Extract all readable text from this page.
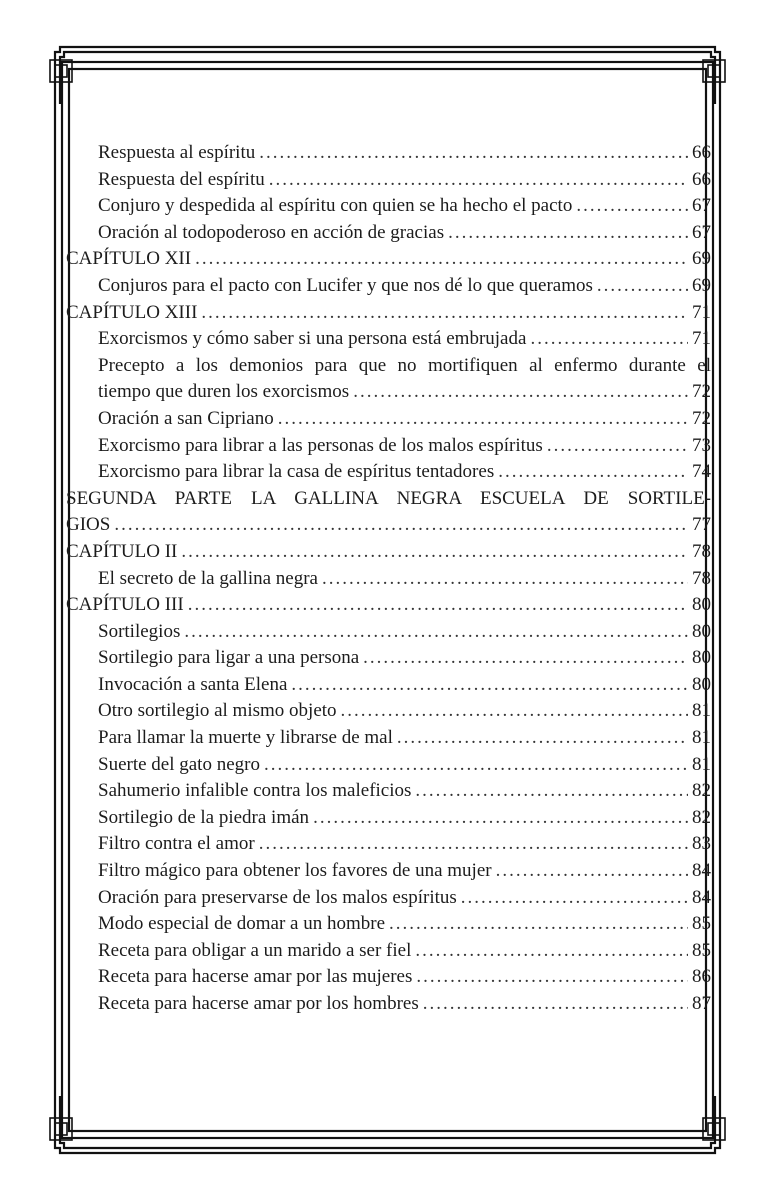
Respuesta al espíritu .....	66
Respuesta del espíritu .....	66
Conjuro y despedida al espíritu con quien se ha hecho el pacto .....	67
Oración al todopoderoso en acción de gracias .....	67
CAPÍTULO XII .....	69
Conjuros para el pacto con Lucifer y que nos dé lo que queramos .....	69
CAPÍTULO XIII .....	71
Exorcismos y cómo saber si una persona está embrujada .....	71
Precepto a los demonios para que no mortifiquen al enfermo durante el
tiempo que duren los exorcismos .....	72
Oración a san Cipriano .....	72
Exorcismo para librar a las personas de los malos espíritus .....	73
Exorcismo para librar la casa de espíritus tentadores .....	74
SEGUNDA PARTE LA GALLINA NEGRA ESCUELA DE SORTILE-
GIOS .....	77
CAPÍTULO II .....	78
El secreto de la gallina negra .....	78
CAPÍTULO III .....	80
Sortilegios .....	80
Sortilegio para ligar a una persona .....	80
Invocación a santa Elena .....	80
Otro sortilegio al mismo objeto .....	81
Para llamar la muerte y librarse de mal .....	81
Suerte del gato negro .....	81
Sahumerio infalible contra los maleficios .....	82
Sortilegio de la piedra imán .....	82
Filtro contra el amor .....	83
Filtro mágico para obtener los favores de una mujer .....	84
Oración para preservarse de los malos espíritus .....	84
Modo especial de domar a un hombre .....	85
Receta para obligar a un marido a ser fiel .....	85
Receta para hacerse amar por las mujeres .....	86
Receta para hacerse amar por los hombres .....	87
